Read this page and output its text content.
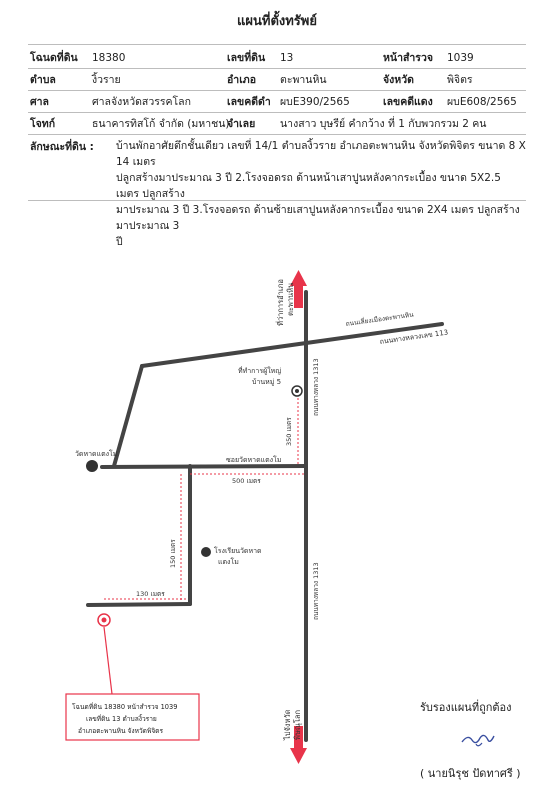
แผนที่ตั้งทรัพย์
โฉนดที่ดิน 18380	เลขที่ดิน 13	หน้าสำรวจ 1039
ตำบล	งิ้วราย	อำเภอ ตะพานหิน	จังหวัด	พิจิตร
ศาล	ศาลจังหวัดสวรรคโลก	เลขคดีดำ ผบE390/2565	เลขคดีแดง ผบE608/2565
โจทก์	ธนาคารทิสโก้ จำกัด (มหาชน)
จำเลย นางสาว บุษรีย์ คำกว้าง ที่ 1 กับพวกรวม 2 คน
ลักษณะที่ดิน : บ้านพักอาศัยตึกชั้นเดียว เลขที่ 14/1 ตำบลงิ้วราย อำเภอตะพานหิน จังหวัดพิจิตร ขนาด 8 X 14 เมตร
ปลูกสร้างมาประมาณ 3 ปี 2.โรงจอดรถ ด้านหน้าเสาปูนหลังคากระเบื้อง ขนาด 5X2.5 เมตร ปลูกสร้าง
มาประมาณ 3 ปี 3.โรงจอดรถ ด้านซ้ายเสาปูนหลังคากระเบื้อง ขนาด 2X4 เมตร ปลูกสร้างมาประมาณ 3
ปี
ที่ว่าการอำเภอ ตะพานหิน
ไปจังหวัด พิษณุโลก
ถนนเลี่ยงเมืองตะพานหิน
ถนนทางหลวงเลข 113
ถนนทางหลวง 1313
ซอยวัดหาดแตงโม
ถนนทางหลวง 1313
ที่ทำการผู้ใหญ่
บ้านหมู่ 5
350 เมตร
วัดหาดแตงโม
500 เมตร
150 เมตร	โรงเรียนวัดหาด
แตงโม
130 เมตร
โฉนดที่ดิน 18380 หน้าสำรวจ 1039
เลขที่ดิน 13 ตำบลงิ้วราย
อำเภอตะพานหิน จังหวัดพิจิตร
รับรองแผนที่ถูกต้อง
( นายนิรุช ปัดทาศรี )
